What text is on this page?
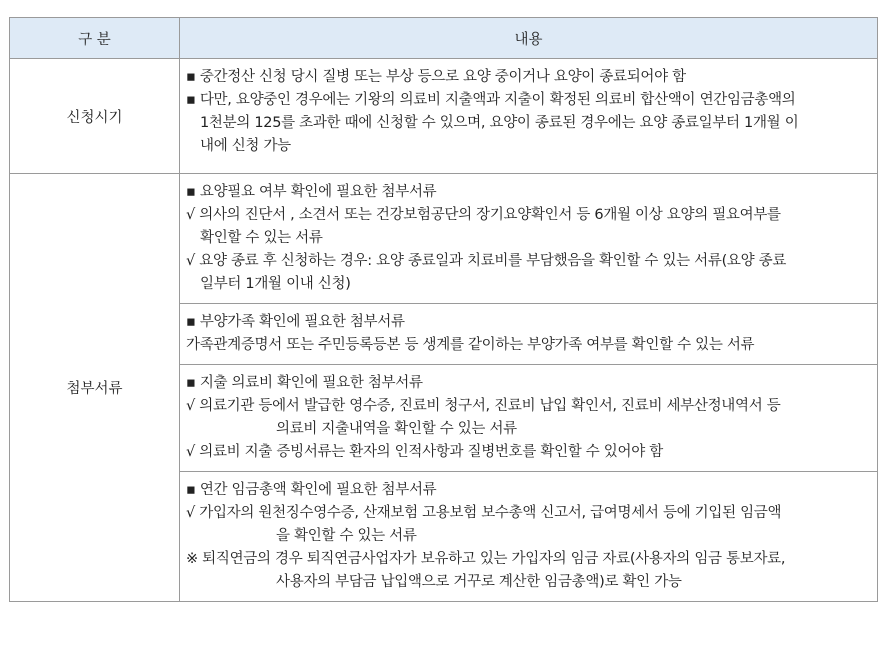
구 분	내용
신청시기	▪ 중간정산 신청 당시 질병 또는 부상 등으로 요양 중이거나 요양이 종료되어야 함
▪ 다만, 요양중인 경우에는 기왕의 의료비 지출액과 지출이 확정된 의료비 합산액이 연간임금총액의
1천분의 125를 초과한 때에 신청할 수 있으며, 요양이 종료된 경우에는 요양 종료일부터 1개월 이
내에 신청 가능

첨부서류	▪ 요양필요 여부 확인에 필요한 첨부서류
√ 의사의 진단서 , 소견서 또는 건강보험공단의 장기요양확인서 등 6개월 이상 요양의 필요여부를
확인할 수 있는 서류
√ 요양 종료 후 신청하는 경우: 요양 종료일과 치료비를 부담했음을 확인할 수 있는 서류(요양 종료
일부터 1개월 이내 신청)

	▪ 부양가족 확인에 필요한 첨부서류
가족관계증명서 또는 주민등록등본 등 생계를 같이하는 부양가족 여부를 확인할 수 있는 서류

	▪ 지출 의료비 확인에 필요한 첨부서류
√ 의료기관 등에서 발급한 영수증, 진료비 청구서, 진료비 납입 확인서, 진료비 세부산정내역서 등
의료비 지출내역을 확인할 수 있는 서류
√ 의료비 지출 증빙서류는 환자의 인적사항과 질병번호를 확인할 수 있어야 함

	▪ 연간 임금총액 확인에 필요한 첨부서류
√ 가입자의 원천징수영수증, 산재보험 고용보험 보수총액 신고서, 급여명세서 등에 기입된 임금액
을 확인할 수 있는 서류
※ 퇴직연금의 경우 퇴직연금사업자가 보유하고 있는 가입자의 임금 자료(사용자의 임금 통보자료,
사용자의 부담금 납입액으로 거꾸로 계산한 임금총액)로 확인 가능
